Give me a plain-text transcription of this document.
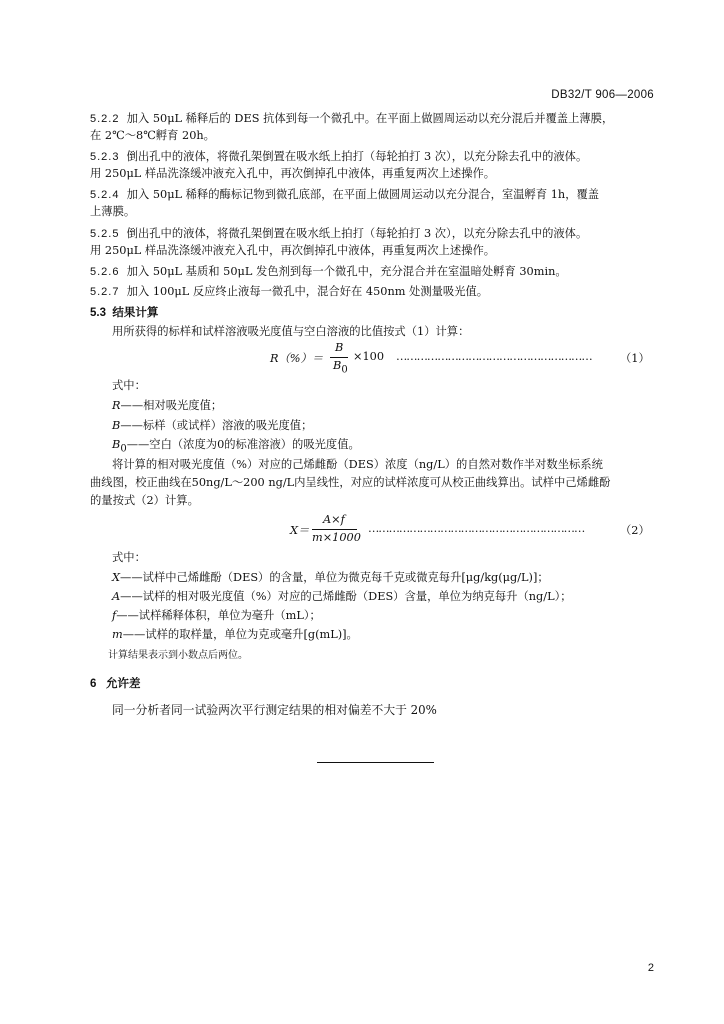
DB32/T 906—2006
5.2.2 加入 50μL 稀释后的 DES 抗体到每一个微孔中。在平面上做圆周运动以充分混后并覆盖上薄膜，
在 2℃～8℃孵育 20h。
5.2.3 倒出孔中的液体，将微孔架倒置在吸水纸上拍打（每轮拍打 3 次），以充分除去孔中的液体。
用 250μL 样品洗涤缓冲液充入孔中，再次倒掉孔中液体，再重复两次上述操作。
5.2.4 加入 50μL 稀释的酶标记物到微孔底部，在平面上做圆周运动以充分混合，室温孵育 1h，覆盖
上薄膜。
5.2.5 倒出孔中的液体，将微孔架倒置在吸水纸上拍打（每轮拍打 3 次），以充分除去孔中的液体。
用 250μL 样品洗涤缓冲液充入孔中，再次倒掉孔中液体，再重复两次上述操作。
5.2.6 加入 50μL 基质和 50μL 发色剂到每一个微孔中，充分混合并在室温暗处孵育 30min。
5.2.7 加入 100μL 反应终止液每一微孔中，混合好在 450nm 处测量吸光值。
5.3 结果计算
用所获得的标样和试样溶液吸光度值与空白溶液的比值按式（1）计算：
R（%）＝
B
$B_0$
×100 …………………………………………………	（1）
式中：
R——相对吸光度值；
B——标样（或试样）溶液的吸光度值；
$B_0——$空白（浓度为0的标准溶液）的吸光度值。
将计算的相对吸光度值（%）对应的己烯雌酚（DES）浓度（ng/L）的自然对数作半对数坐标系统
曲线图，校正曲线在50ng/L～200 ng/L内呈线性，对应的试样浓度可从校正曲线算出。试样中己烯雌酚
的量按式（2）计算。
X＝
A×f
m×1000
………………………………………………………	（2）
式中：
X——试样中己烯雌酚（DES）的含量，单位为微克每千克或微克每升[μg/kg(μg/L)]；
A——试样的相对吸光度值（%）对应的己烯雌酚（DES）含量，单位为纳克每升（ng/L）；
f——试样稀释体积，单位为毫升（mL）；
m——试样的取样量，单位为克或毫升[g(mL)]。
计算结果表示到小数点后两位。
6 允许差
同一分析者同一试验两次平行测定结果的相对偏差不大于 20%
2
